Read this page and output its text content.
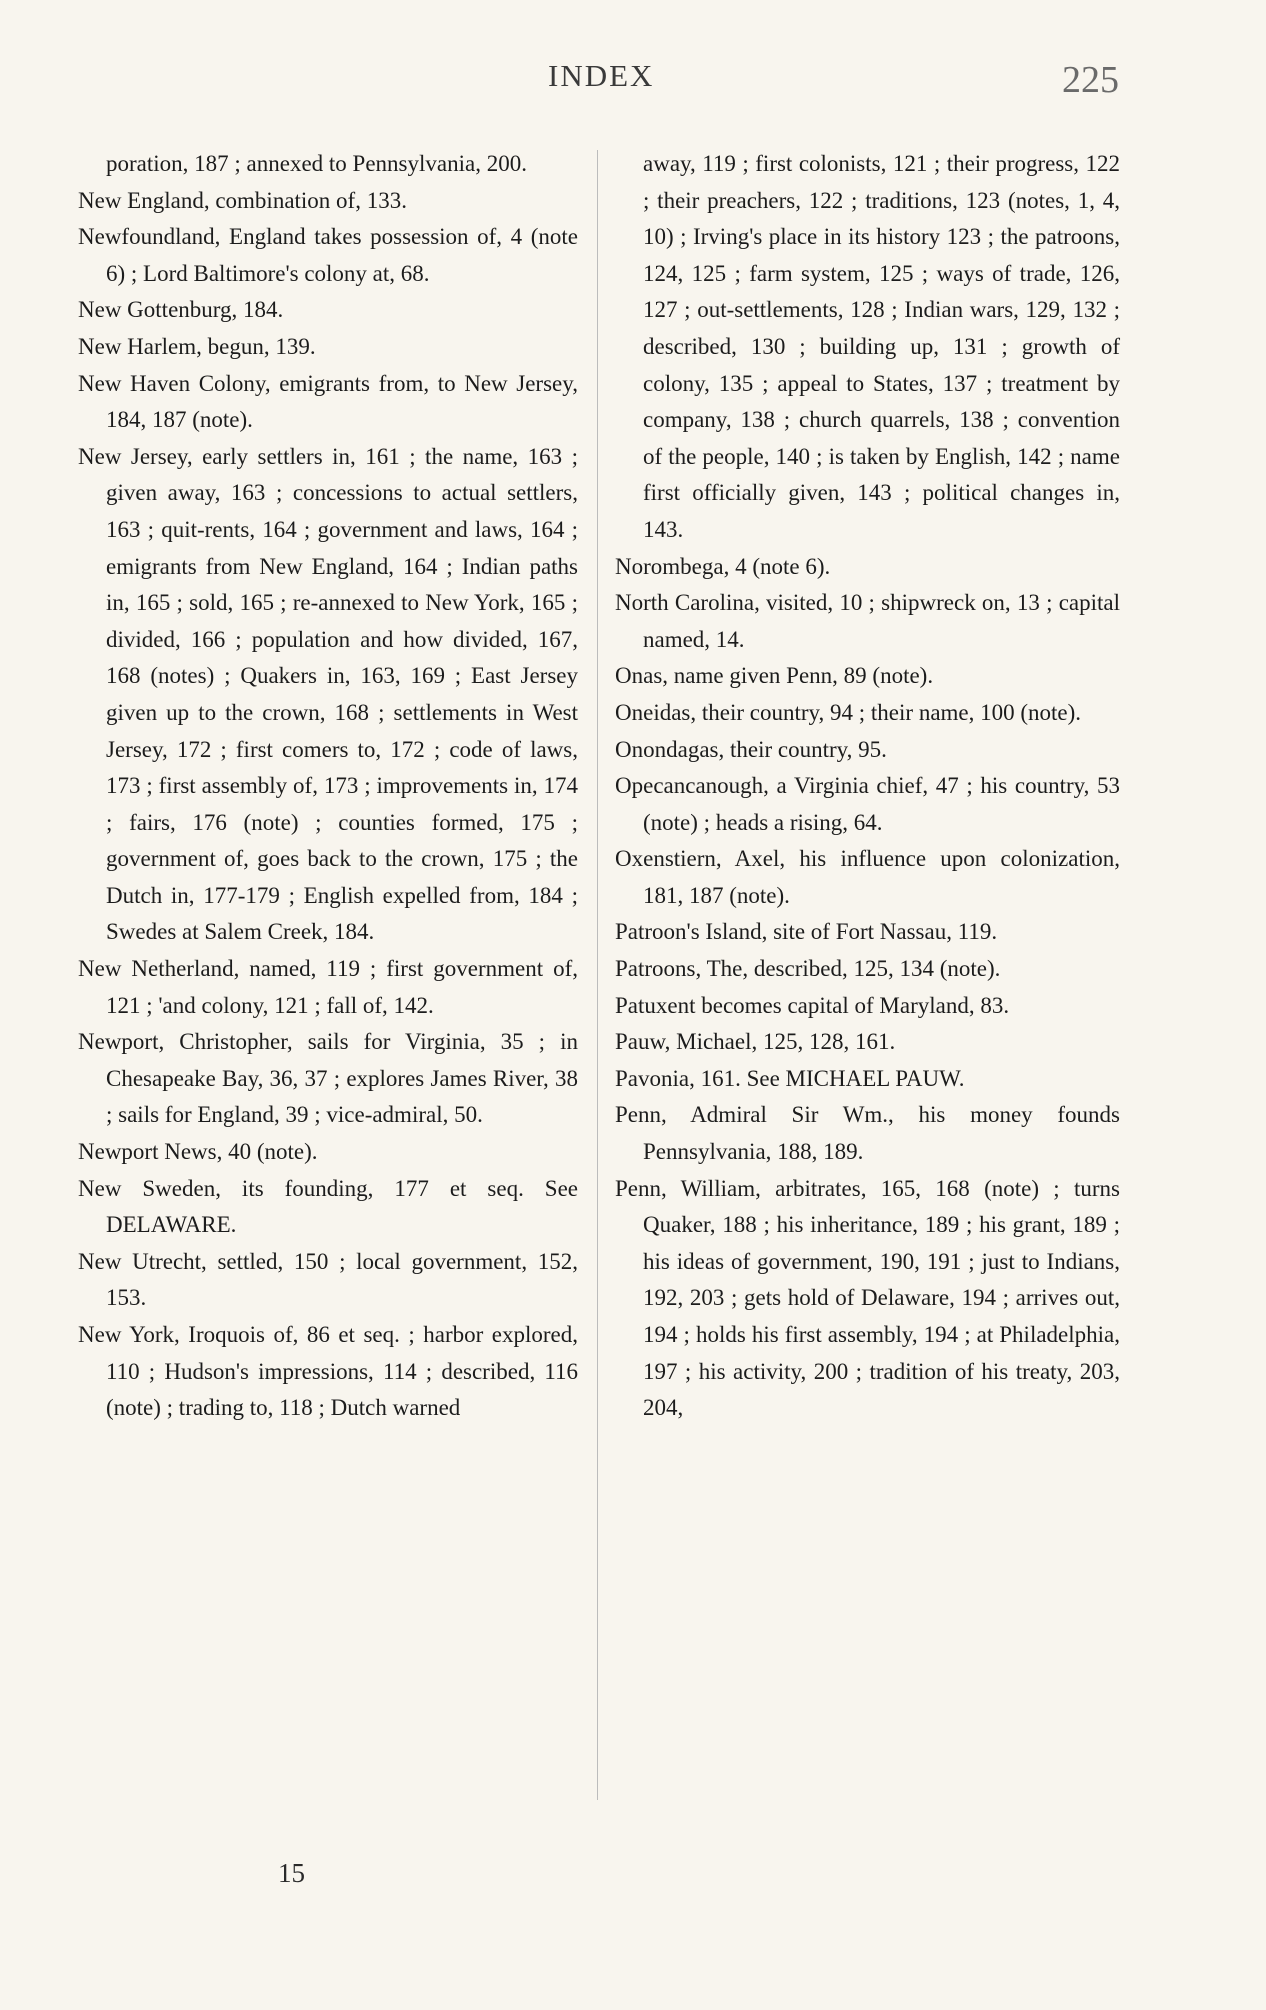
INDEX	225

poration, 187 ; annexed to Pennsylvania, 200.

New England, combination of, 133.

Newfoundland, England takes possession of, 4 (note 6) ; Lord Baltimore's colony at, 68.

New Gottenburg, 184.

New Harlem, begun, 139.

New Haven Colony, emigrants from, to New Jersey, 184, 187 (note).

New Jersey, early settlers in, 161 ; the name, 163 ; given away, 163 ; concessions to actual settlers, 163 ; quit-rents, 164 ; government and laws, 164 ; emigrants from New England, 164 ; Indian paths in, 165 ; sold, 165 ; re-annexed to New York, 165 ; divided, 166 ; population and how divided, 167, 168 (notes) ; Quakers in, 163, 169 ; East Jersey given up to the crown, 168 ; settlements in West Jersey, 172 ; first comers to, 172 ; code of laws, 173 ; first assembly of, 173 ; improvements in, 174 ; fairs, 176 (note) ; counties formed, 175 ; government of, goes back to the crown, 175 ; the Dutch in, 177-179 ; English expelled from, 184 ; Swedes at Salem Creek, 184.

New Netherland, named, 119 ; first government of, 121 ; 'and colony, 121 ; fall of, 142.

Newport, Christopher, sails for Virginia, 35 ; in Chesapeake Bay, 36, 37 ; explores James River, 38 ; sails for England, 39 ; vice-admiral, 50.

Newport News, 40 (note).

New Sweden, its founding, 177 et seq. See DELAWARE.

New Utrecht, settled, 150 ; local government, 152, 153.

New York, Iroquois of, 86 et seq. ; harbor explored, 110 ; Hudson's impressions, 114 ; described, 116 (note) ; trading to, 118 ; Dutch warned

away, 119 ; first colonists, 121 ; their progress, 122 ; their preachers, 122 ; traditions, 123 (notes, 1, 4, 10) ; Irving's place in its history 123 ; the patroons, 124, 125 ; farm system, 125 ; ways of trade, 126, 127 ; out-settlements, 128 ; Indian wars, 129, 132 ; described, 130 ; building up, 131 ; growth of colony, 135 ; appeal to States, 137 ; treatment by company, 138 ; church quarrels, 138 ; convention of the people, 140 ; is taken by English, 142 ; name first officially given, 143 ; political changes in, 143.

Norombega, 4 (note 6).

North Carolina, visited, 10 ; shipwreck on, 13 ; capital named, 14.

Onas, name given Penn, 89 (note).

Oneidas, their country, 94 ; their name, 100 (note).

Onondagas, their country, 95.

Opecancanough, a Virginia chief, 47 ; his country, 53 (note) ; heads a rising, 64.

Oxenstiern, Axel, his influence upon colonization, 181, 187 (note).

Patroon's Island, site of Fort Nassau, 119.

Patroons, The, described, 125, 134 (note).

Patuxent becomes capital of Maryland, 83.

Pauw, Michael, 125, 128, 161.

Pavonia, 161. See MICHAEL PAUW.

Penn, Admiral Sir Wm., his money founds Pennsylvania, 188, 189.

Penn, William, arbitrates, 165, 168 (note) ; turns Quaker, 188 ; his inheritance, 189 ; his grant, 189 ; his ideas of government, 190, 191 ; just to Indians, 192, 203 ; gets hold of Delaware, 194 ; arrives out, 194 ; holds his first assembly, 194 ; at Philadelphia, 197 ; his activity, 200 ; tradition of his treaty, 203, 204,

15
